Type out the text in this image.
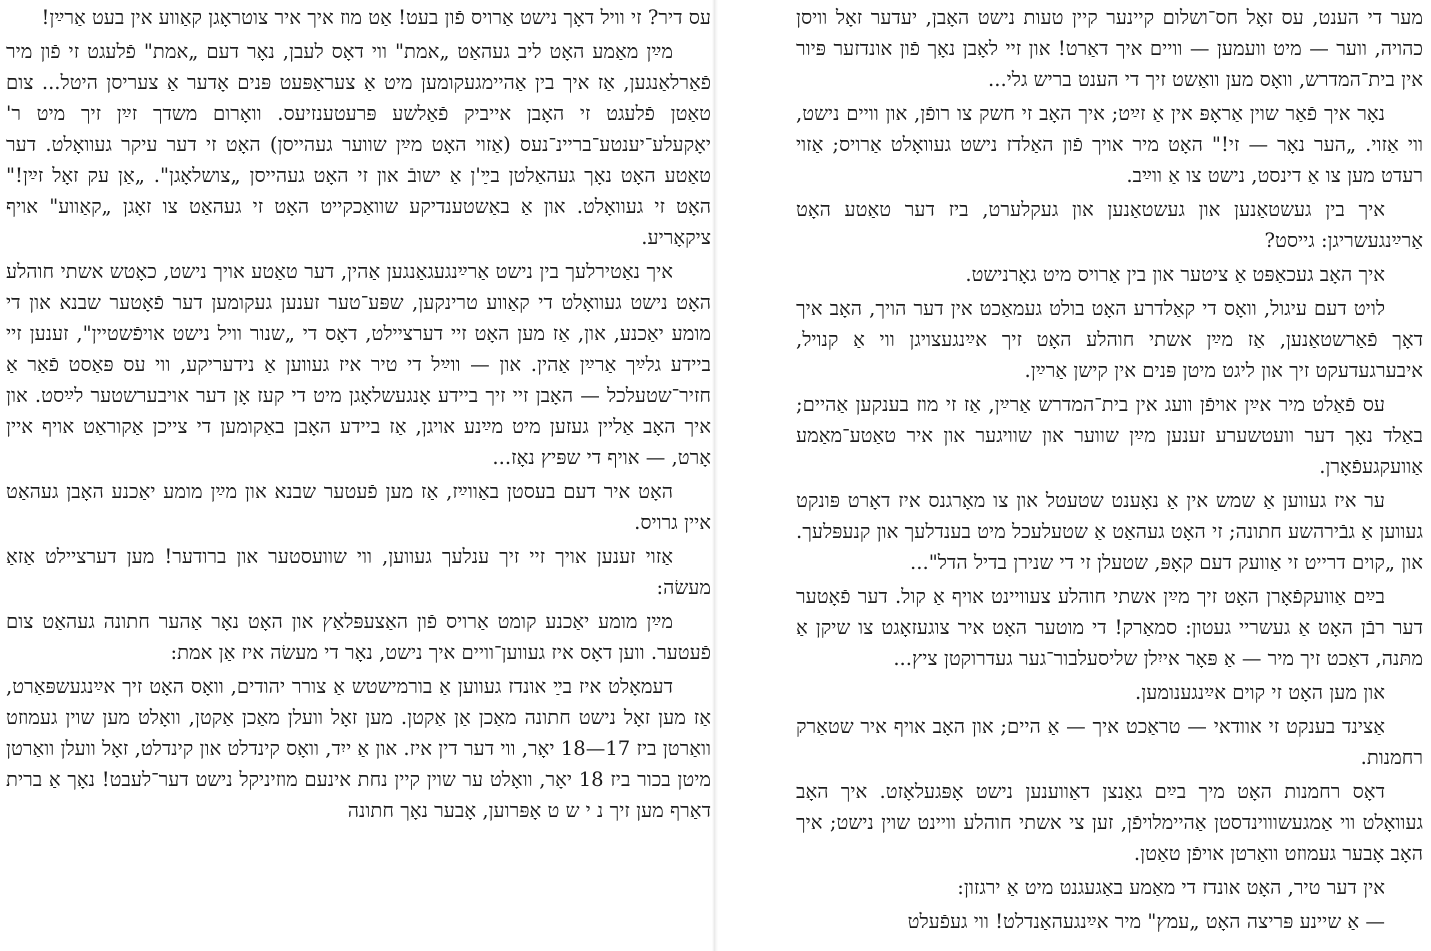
מער די הענט, עס זאָל חס־ושלום קיינער קיין טעות נישט האָבן, יעדער זאָל וויסן כהויה, ווער — מיט וועמען — וויים איך דאַרט! און זיי לאָבן נאָך פֿון אונדזער פּיור אין בית־המדרש, וואָס מען וואַשט זיך די הענט בריש גלי...

נאָר איך פֿאַר שוין אַראָפּ אין אַ זײַט; איך האָב זי חשק צו רופֿן, און וויים נישט, ווי אַזוי. „הער נאָר — זי!" האָט מיר אויך פֿון האַלדז נישט געוואָלט אַרויס; אַזוי רעדט מען צו אַ דינסט, נישט צו אַ ווײַב.

איך בין געשטאַנען און געשטאַנען און געקלערט, ביז דער טאַטע האָט אַרײַנגעשריגן: גייסט?

איך האָב געכאַפּט אַ ציטער און בין אַרויס מיט גאָרנישט.

לויט דעם עיגול, וואָס די קאַלדרע האָט בולט געמאַכט אין דער הויך, האָב איך דאָך פֿאַרשטאַנען, אַז מײַן אשתי חוהלע האָט זיך אײַנגעצויגן ווי אַ קנויל, איבערגעדעקט זיך און ליגט מיטן פּנים אין קישן אַרײַן.

עס פֿאַלט מיר אײַן אויפֿן וועג אין בית־המדרש אַרײַן, אַז זי מוז בענקען אַהיים; באַלד נאָך דער וועטשערע זענען מײַן שווער און שוויגער און איר טאַטע־מאַמע אַוועקגעפֿאָרן.

ער איז געווען אַ שמש אין אַ נאָענט שטעטל און צו מאָרגנס איז דאָרט פּונקט געווען אַ גבֿירהשע חתונה; זי האָט געהאַט אַ שטעלעכל מיט בענדלעך און קנעפּלעך. און „קוים דרייט זי אַוועק דעם קאָפּ, שטעלן זי די שנירן בדיל הדל"...

בײַם אַוועקפֿאָרן האָט זיך מײַן אשתי חוהלע צעוויינט אויף אַ קול. דער פֿאָטער דער רבֿן האָט אַ געשריי געטון: סמאַרק! די מוטער האָט איר צוגעזאָגט צו שיקן אַ מתּנה, דאַכט זיך מיר — אַ פּאָר אייִלן שליסעלבור־גער געדרוקטן ציץ...

און מען האָט זי קוים אײַנגענומען.

אַצינד בענקט זי אוודאי — טראַכט איך — אַ היים; און האָב אויף איר שטאַרק רחמנות.

דאָס רחמנות האָט מיך בײַם גאַנצן דאַווענען נישט אָפּגעלאָזט. איך האָב געוואָלט ווי אַמגעשוווינדסטן אַהיימלויפֿן, זען צי אשתי חוהלע וויינט שוין נישט; איך האָב אָבער געמוזט וואַרטן אויפֿן טאַטן.

אין דער טיר, האָט אונדז די מאַמע באַגעגנט מיט אַ ירגזון:

— אַ שיינע פּריצה האָט „עמץ" מיר אײַנגעהאַנדלט! ווי געפֿעלט

עס דיר? זי וויל דאָך נישט אַרויס פֿון בעט! אַט מוז איך איר צוטראָגן קאַווע אין בעט אַרײַן!

מײַן מאַמע האָט ליב געהאַט „אמת" ווי דאָס לעבן, נאָר דעם „אמת" פֿלעגט זי פֿון מיר פֿאַרלאַנגען, אַז איך בין אַהיימגעקומען מיט אַ צעראַפּעט פּנים אָדער אַ צעריסן היטל... צום טאַטן פֿלעגט זי האָבן אייביק פֿאַלשע פּרעטענזיעס. וואָרום משדך זײַן זיך מיט ר' יאָקעלע־יענטע־בריינ־נעס (אַזוי האָט מײַן שווער געהייסן) האָט זי דער עיקר געוואָלט. דער טאַטע האָט נאָך געהאַלטן בײַ'ן אַ ישובֿ און זי האָט געהייסן „צושלאָגן". „אַן עק זאָל זײַן!" האָט זי געוואָלט. און אַ באַשטענדיקע שוואַכקייט האָט זי געהאַט צו זאָגן „קאַווע" אויף ציקאָריע.

איך נאַטירלעך בין נישט אַרײַנגעגאַנגען אַהין, דער טאַטע אויך נישט, כאָטש אשתי חוהלע האָט נישט געוואָלט די קאַווע טרינקען, שפּע־טער זענען געקומען דער פֿאָטער שבנא און די מומע יאַכנע, און, אַז מען האָט זיי דערציילט, דאָס די „שנור וויל נישט אויפֿשטיין", זענען זיי ביידע גלײַך אַרײַן אַהין. און — ווײַל די טיר איז געווען אַ נידעריקע, ווי עס פּאַסט פֿאַר אַ חזיר־שטעלכל — האָבן זיי זיך ביידע אָנגעשלאָגן מיט די קעז אָן דער אויבערשטער לײַסט. און איך האָב אַליין געזען מיט מײַנע אויגן, אַז ביידע האָבן באַקומען די צייכן אַקוראַט אויף איין אָרט, — אויף די שפּיץ נאָז...

האָט איר דעם בעסטן באַווײַז, אַז מען פֿעטער שבנא און מײַן מומע יאַכנע האָבן געהאַט איין גרויס.

אַזוי זענען אויך זיי זיך ענלעך געווען, ווי שוועסטער און ברודער! מען דערציילט אַזאַ מעשׂה:

מײַן מומע יאַכנע קומט אַרויס פֿון האַצעפּלאַץ און האָט נאָר אַהער חתונה געהאַט צום פֿעטער. ווען דאָס איז געווען־וויים איך נישט, נאָר די מעשׂה איז אַן אמת:

דעמאָלט איז בײַ אונדז געווען אַ בורמישטש אַ צורר יהודים, וואָס האָט זיך אײַנגעשפּאַרט, אַז מען זאָל נישט חתונה מאַכן אַן אַקטן. מען זאָל וועלן מאַכן אַקטן, וואָלט מען שוין געמוזט וואַרטן ביז 17—18 יאָר, ווי דער דין איז. און אַ ייִד, וואָס קינדלט און קינדלט, זאָל וועלן וואַרטן מיטן בכור ביז 18 יאָר, וואָלט ער שוין קיין נחת אינעם מוזיניקל נישט דער־לעבט! נאָך אַ ברית דאַרף מען זיך נ י ש ט אָפּרוען, אָבער נאָך חתונה
